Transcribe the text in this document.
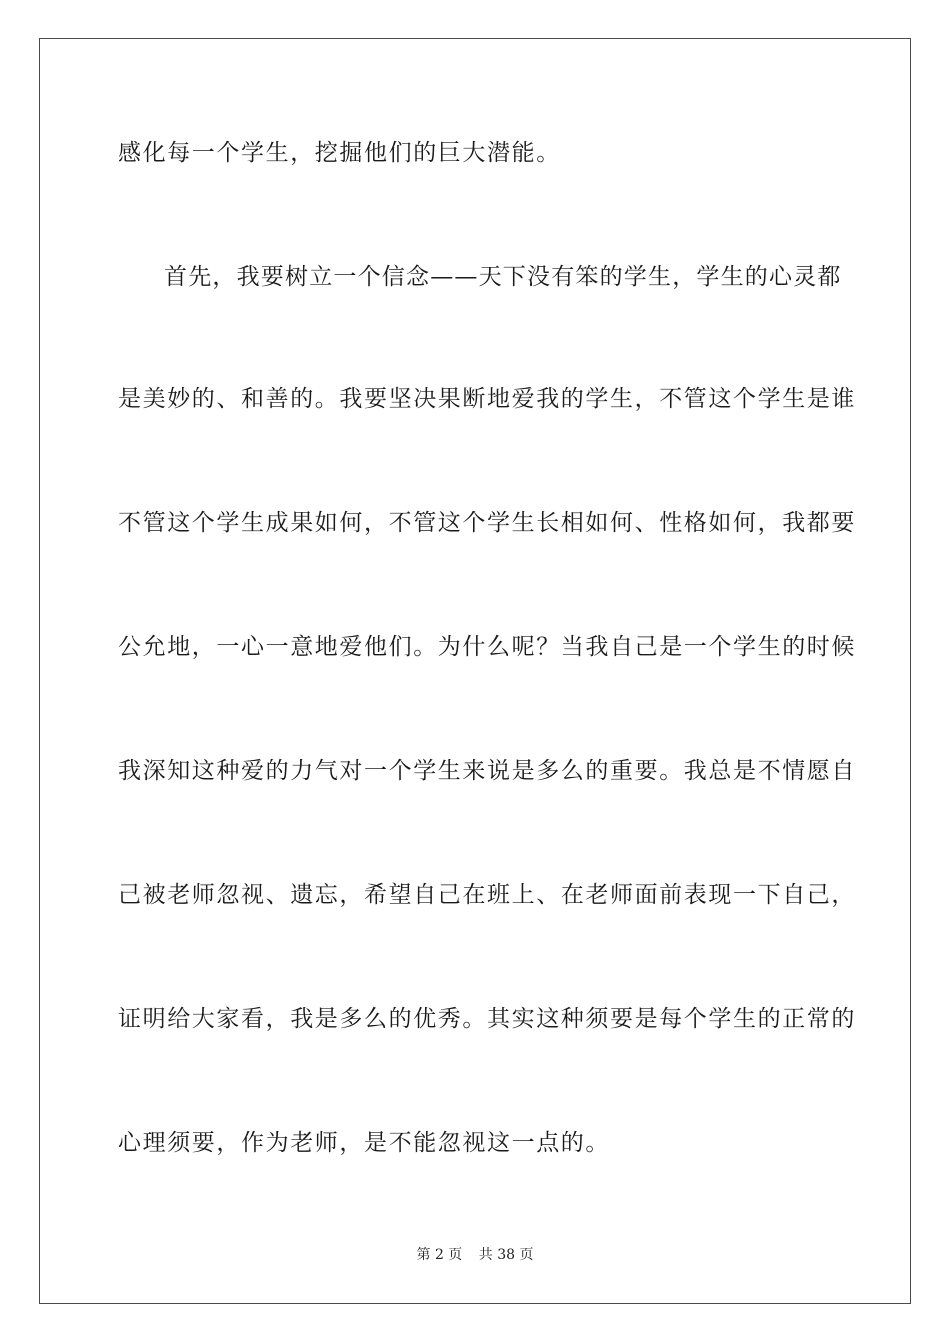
感化每一个学生，挖掘他们的巨大潜能。
首先，我要树立一个信念——天下没有笨的学生，学生的心灵都
是美妙的、和善的。我要坚决果断地爱我的学生，不管这个学生是谁
不管这个学生成果如何，不管这个学生长相如何、性格如何，我都要
公允地，一心一意地爱他们。为什么呢？当我自己是一个学生的时候
我深知这种爱的力气对一个学生来说是多么的重要。我总是不情愿自
己被老师忽视、遗忘，希望自己在班上、在老师面前表现一下自己，
证明给大家看，我是多么的优秀。其实这种须要是每个学生的正常的
心理须要，作为老师，是不能忽视这一点的。
第 2 页 共 38 页
